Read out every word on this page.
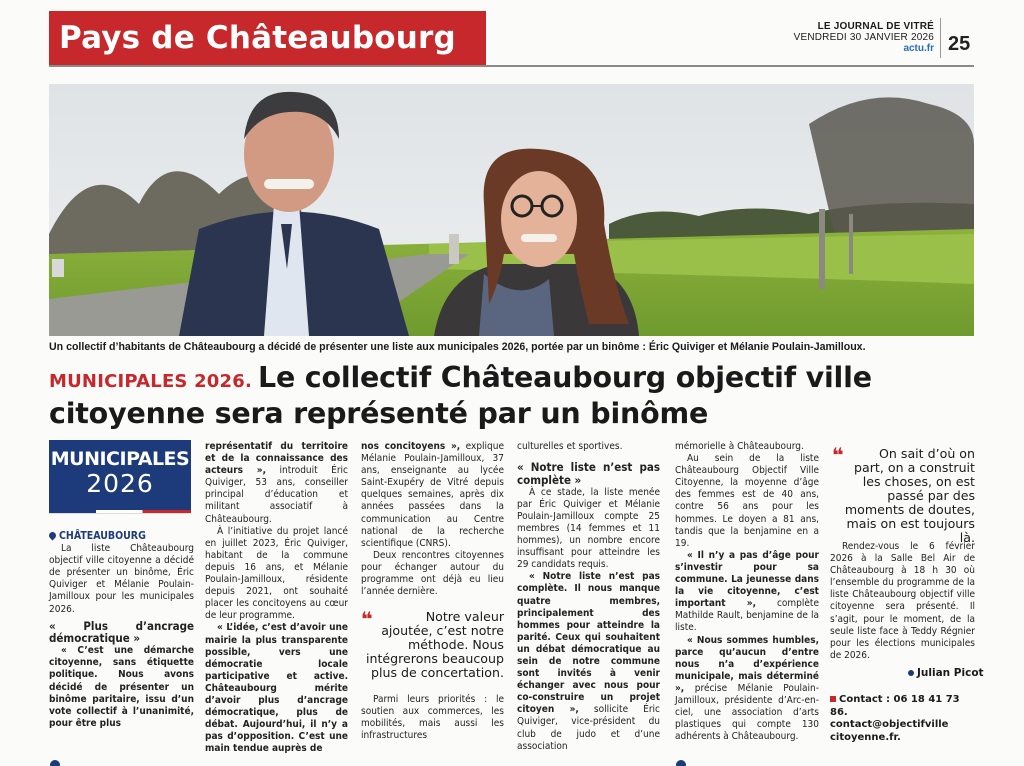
Pays de Châteaubourg	LE JOURNAL DE VITRÉ
VENDREDI 30 JANVIER 2026
actu.fr 25
Un collectif d’habitants de Châteaubourg a décidé de présenter une liste aux municipales 2026, portée par un binôme : Éric Quiviger et Mélanie Poulain-Jamilloux.
MUNICIPALES 2026. Le collectif Châteaubourg objectif ville citoyenne sera représenté par un binôme
MUNICIPALES
2026
CHÂTEAUBOURG

La liste Châteaubourg objectif ville citoyenne a décidé de présenter un binôme, Éric Quiviger et Mélanie Poulain-Jamilloux pour les municipales 2026.

« Plus d’ancrage démocratique »

« C’est une démarche citoyenne, sans étiquette politique. Nous avons décidé de présenter un binôme paritaire, issu d’un vote collectif à l’unanimité, pour être plus

représentatif du territoire et de la connaissance des acteurs », introduit Éric Quiviger, 53 ans, conseiller principal d’éducation et militant associatif à Châteaubourg.

À l’initiative du projet lancé en juillet 2023, Éric Quiviger, habitant de la commune depuis 16 ans, et Mélanie Poulain-Jamilloux, résidente depuis 2021, ont souhaité placer les concitoyens au cœur de leur programme.

« L’idée, c’est d’avoir une mairie la plus transparente possible, vers une démocratie locale participative et active. Châteaubourg mérite d’avoir plus d’ancrage démocratique, plus de débat. Aujourd’hui, il n’y a pas d’opposition. C’est une main tendue auprès de

nos concitoyens », explique Mélanie Poulain-Jamilloux, 37 ans, enseignante au lycée Saint-Exupéry de Vitré depuis quelques semaines, après dix années passées dans la communication au Centre national de la recherche scientifique (CNRS).

Deux rencontres citoyennes pour échanger autour du programme ont déjà eu lieu l’année dernière.

❝	Notre valeur ajoutée, c’est notre méthode. Nous intégrerons beaucoup plus de concertation.

Parmi leurs priorités : le soutien aux commerces, les mobilités, mais aussi les infrastructures

culturelles et sportives.

« Notre liste n’est pas complète »

À ce stade, la liste menée par Éric Quiviger et Mélanie Poulain-Jamilloux compte 25 membres (14 femmes et 11 hommes), un nombre encore insuffisant pour atteindre les 29 candidats requis.

« Notre liste n’est pas complète. Il nous manque quatre membres, principalement des hommes pour atteindre la parité. Ceux qui souhaitent un débat démocratique au sein de notre commune sont invités à venir échanger avec nous pour co-construire un projet citoyen », sollicite Éric Quiviger, vice-président du club de judo et d’une association

mémorielle à Châteaubourg.

Au sein de la liste Châteaubourg Objectif Ville Citoyenne, la moyenne d’âge des femmes est de 40 ans, contre 56 ans pour les hommes. Le doyen a 81 ans, tandis que la benjamine en a 19.

« Il n’y a pas d’âge pour s’investir pour sa commune. La jeunesse dans la vie citoyenne, c’est important », complète Mathilde Rault, benjamine de la liste.

« Nous sommes humbles, parce qu’aucun d’entre nous n’a d’expérience municipale, mais déterminé », précise Mélanie Poulain-Jamilloux, présidente d’Arc-en-ciel, une association d’arts plastiques qui compte 130 adhérents à Châteaubourg.

❝	On sait d’où on part, on a construit les choses, on est passé par des moments de doutes, mais on est toujours là.

Rendez-vous le 6 février 2026 à la Salle Bel Air de Châteaubourg à 18 h 30 où l’ensemble du programme de la liste Châteaubourg objectif ville citoyenne sera présenté. Il s’agit, pour le moment, de la seule liste face à Teddy Régnier pour les élections municipales de 2026.

Julian Picot
Contact : 06 18 41 73 86.
contact@objectifville citoyenne.fr.
